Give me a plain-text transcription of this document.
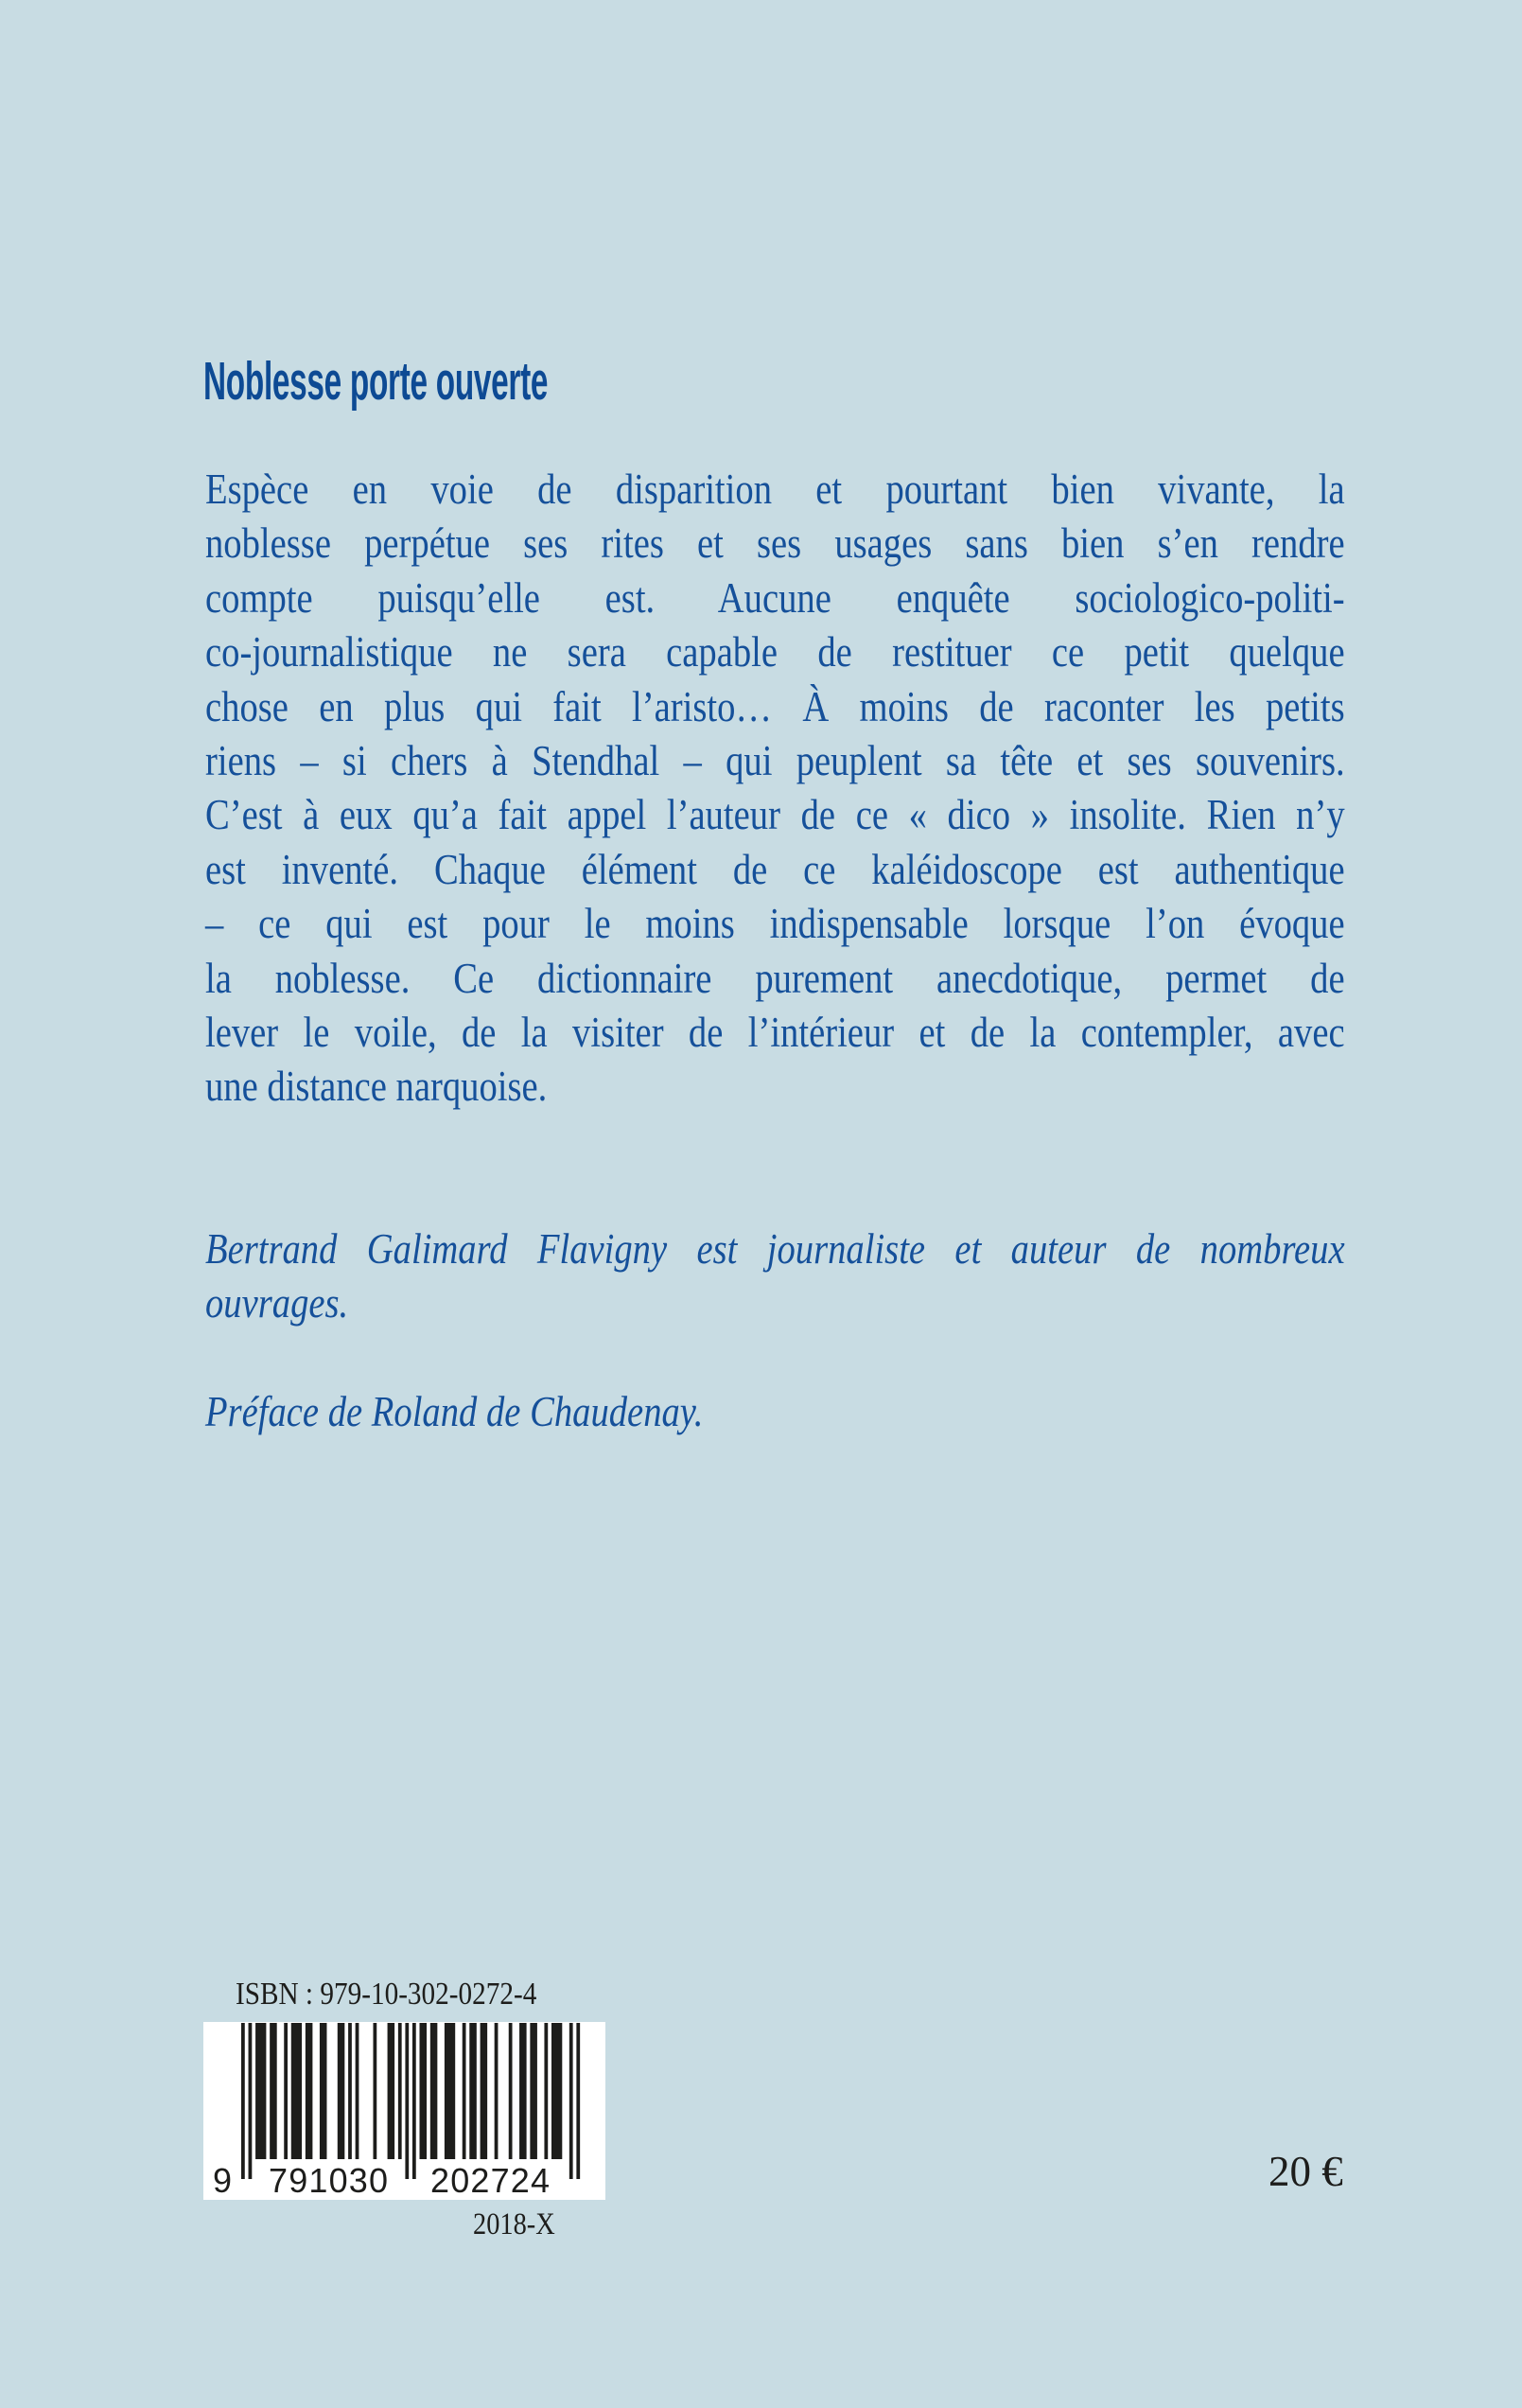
Noblesse porte ouverte
Espèce en voie de disparition et pourtant bien vivante, la
noblesse perpétue ses rites et ses usages sans bien s’en rendre
compte puisqu’elle est. Aucune enquête sociologico-politi-
co-journalistique ne sera capable de restituer ce petit quelque
chose en plus qui fait l’aristo… À moins de raconter les petits
riens – si chers à Stendhal – qui peuplent sa tête et ses souvenirs.
C’est à eux qu’a fait appel l’auteur de ce « dico » insolite. Rien n’y
est inventé. Chaque élément de ce kaléidoscope est authentique
– ce qui est pour le moins indispensable lorsque l’on évoque
la noblesse. Ce dictionnaire purement anecdotique, permet de
lever le voile, de la visiter de l’intérieur et de la contempler, avec
une distance narquoise.
Bertrand Galimard Flavigny est journaliste et auteur de nombreux
ouvrages.
Préface de Roland de Chaudenay.
ISBN : 979-10-302-0272-4
9 791030 202724
2018-X
20 €
